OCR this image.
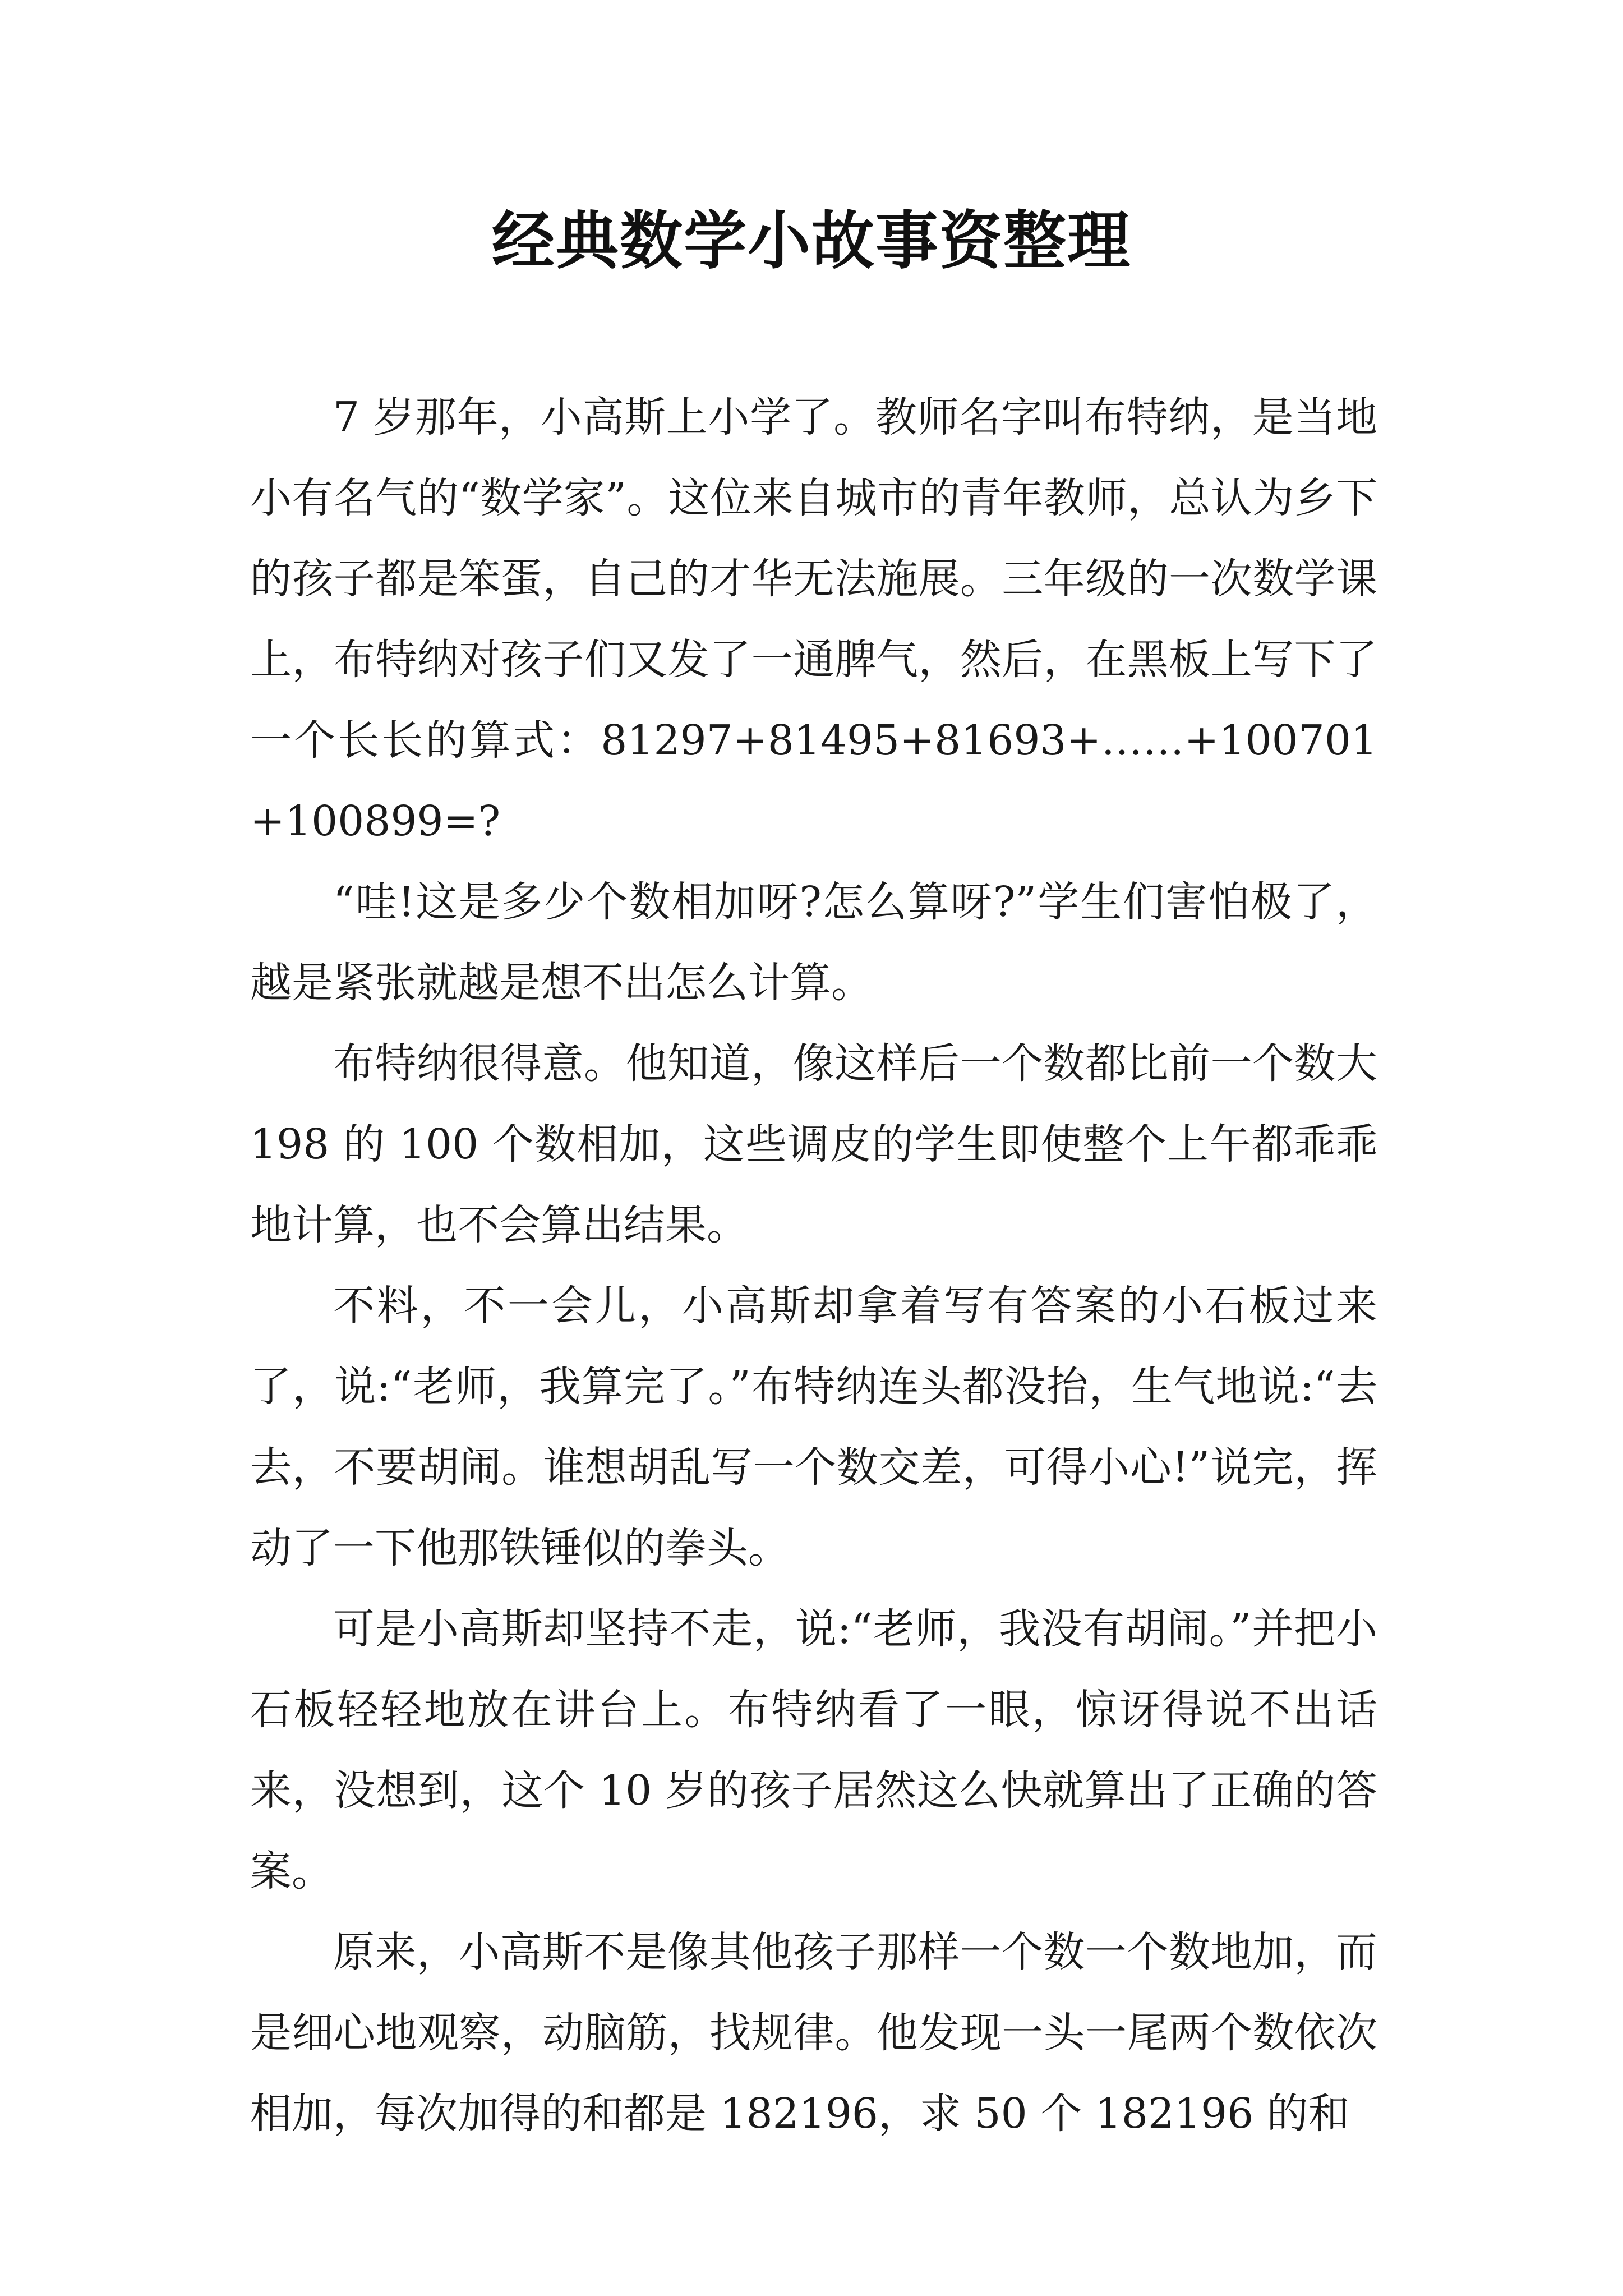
经典数学小故事资整理

7 岁那年，小高斯上小学了。教师名字叫布特纳，是当地小有名气的“数学家”。这位来自城市的青年教师，总认为乡下的孩子都是笨蛋，自己的才华无法施展。三年级的一次数学课上，布特纳对孩子们又发了一通脾气，然后，在黑板上写下了一个长长的算式：81297+81495+81693+……+100701+100899=?

“哇!这是多少个数相加呀?怎么算呀?”学生们害怕极了，越是紧张就越是想不出怎么计算。

布特纳很得意。他知道，像这样后一个数都比前一个数大 198 的 100 个数相加，这些调皮的学生即使整个上午都乖乖地计算，也不会算出结果。

不料，不一会儿，小高斯却拿着写有答案的小石板过来了，说:“老师，我算完了。”布特纳连头都没抬，生气地说:“去去，不要胡闹。谁想胡乱写一个数交差，可得小心!”说完，挥动了一下他那铁锤似的拳头。

可是小高斯却坚持不走，说:“老师，我没有胡闹。”并把小石板轻轻地放在讲台上。布特纳看了一眼，惊讶得说不出话来，没想到，这个 10 岁的孩子居然这么快就算出了正确的答案。

原来，小高斯不是像其他孩子那样一个数一个数地加，而是细心地观察，动脑筋，找规律。他发现一头一尾两个数依次相加，每次加得的和都是 182196，求 50 个 182196 的和
